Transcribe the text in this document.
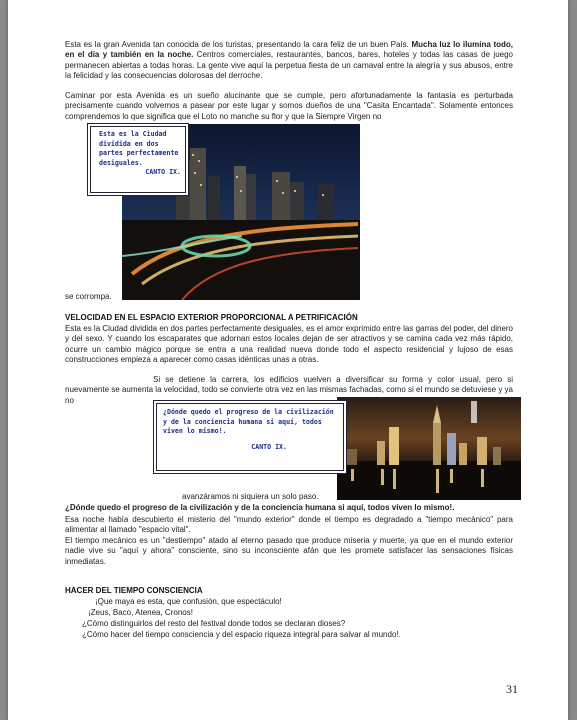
Esta es la gran Avenida tan conocida de los turistas, presentando la cara feliz de un buen País. Mucha luz lo ilumina todo, en el día y también en la noche. Centros comerciales, restaurantes, bancos, bares, hoteles y todas las casas de juego permanecen abiertas a todas horas. La gente vive aquí la perpetua fiesta de un carnaval entre la alegría y sus abusos, entre la felicidad y las consecuencias dolorosas del derroche.
Caminar por esta Avenida es un sueño alucinante que se cumple, pero afortunadamente la fantasía es perturbada precisamente cuando volvemos a pasear por este lugar y somos dueños de una "Casita Encantada". Solamente entonces comprendemos lo que significa que el Loto no manche su flor y que la Siempre Virgen no
Esta es la Ciudad dividida en dos partes perfectamente desiguales.
CANTO IX.
se corrompa.
VELOCIDAD EN EL ESPACIO EXTERIOR PROPORCIONAL A PETRIFICACIÓN
Esta es la Ciudad dividida en dos partes perfectamente desiguales, es el amor exprimido entre las garras del poder, del dinero y del sexo. Y cuando los escaparates que adornan estos locales dejan de ser atractivos y se camina cada vez más rápido, ocurre un cambio mágico porque se entra a una realidad nueva donde todo el aspecto residencial y lujoso de esas construcciones empieza a aparecer como casas idénticas unas a otras.
Si se detiene la carrera, los edificios vuelven a diversificar su forma y color usual, pero si nuevamente se aumenta la velocidad, todo se convierte otra vez en las mismas fachadas, como si el mundo se detuviese y ya no
¿Dónde quedo el progreso de la civilización y de la conciencia humana si aquí, todos viven lo mismo!.
CANTO IX.
avanzáramos ni siquiera un solo paso.
¿Dónde quedo el progreso de la civilización y de la conciencia humana si aquí, todos viven lo mismo!.
Esa noche había descubierto el misterio del "mundo exterior" donde el tiempo es degradado a "tiempo mecánico" para alimentar al llamado "espacio vital".
El tiempo mecánico es un "destiempo" atado al eterno pasado que produce miseria y muerte, ya que en el mundo exterior nadie vive su "aquí y ahora" consciente, sino su inconsciente afán que les promete satisfacer las sensaciones físicas inmediatas.
HACER DEL TIEMPO CONSCIENCIA
¡Que maya es esta, que confusión, que espectáculo!
¡Zeus, Baco, Atenea, Cronos!
¿Cómo distinguirlos del resto del festival donde todos se declaran dioses?
¿Cómo hacer del tiempo consciencia y del espacio riqueza integral para salvar al mundo!.
31
